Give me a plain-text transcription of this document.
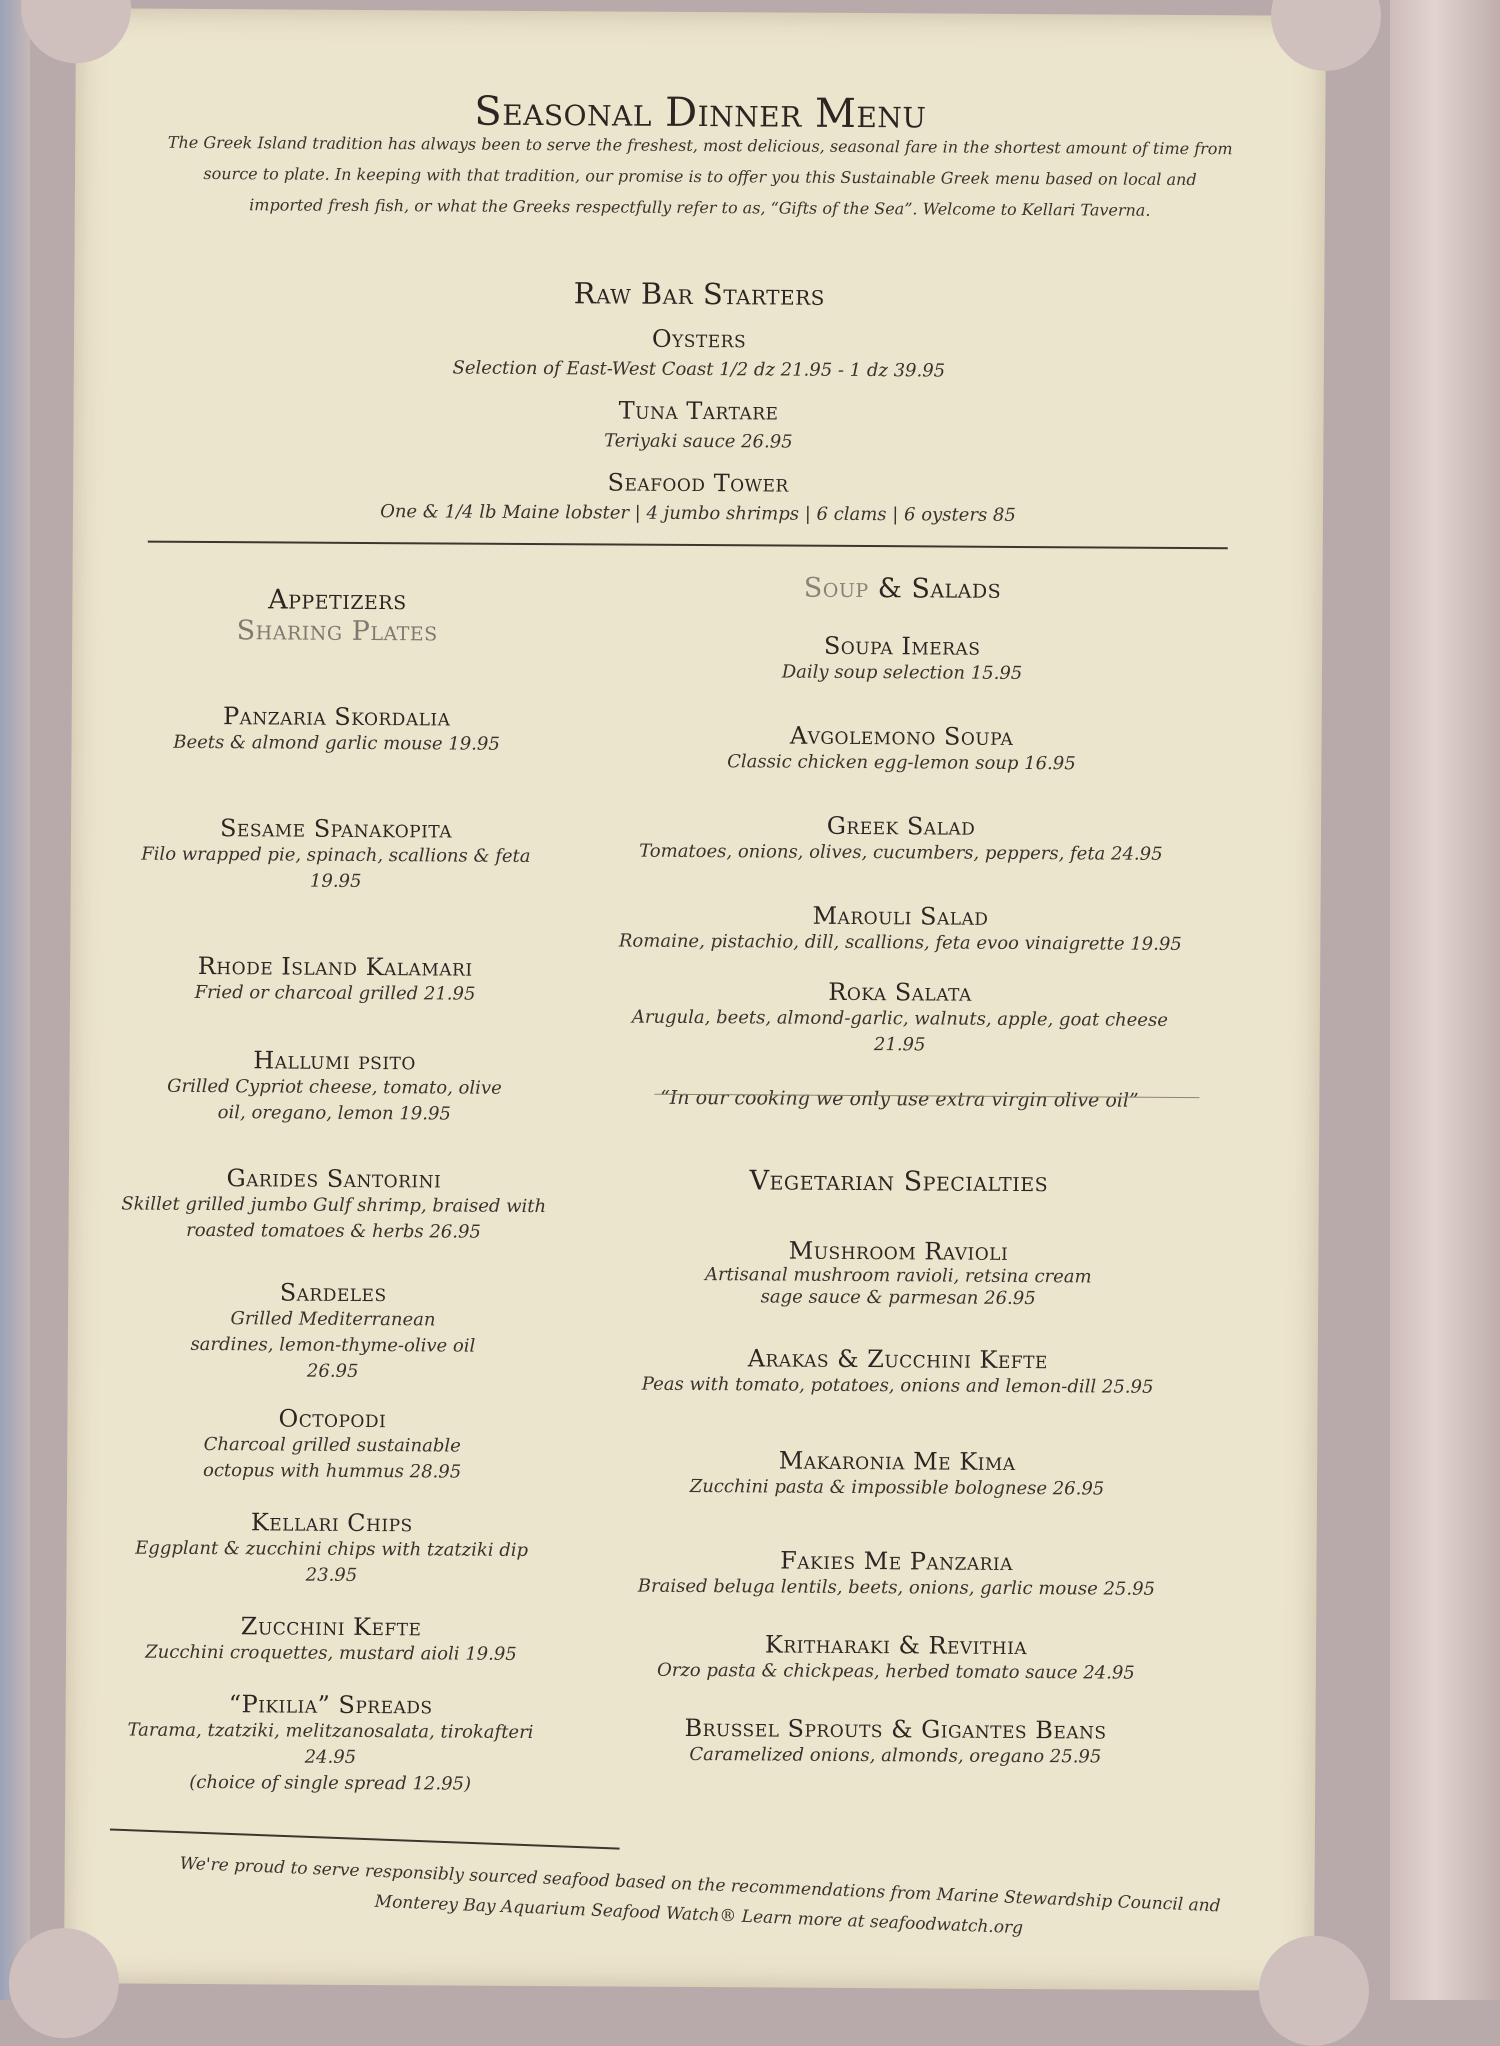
Seasonal Dinner Menu
The Greek Island tradition has always been to serve the freshest, most delicious, seasonal fare in the shortest amount of time from source to plate. In keeping with that tradition, our promise is to offer you this Sustainable Greek menu based on local and imported fresh fish, or what the Greeks respectfully refer to as, “Gifts of the Sea”. Welcome to Kellari Taverna.
Raw Bar Starters
Oysters
Selection of East-West Coast 1/2 dz 21.95 - 1 dz 39.95
Tuna Tartare
Teriyaki sauce 26.95
Seafood Tower
One & 1/4 lb Maine lobster | 4 jumbo shrimps | 6 clams | 6 oysters 85
Appetizers
Sharing Plates
Panzaria Skordalia
Beets & almond garlic mouse 19.95
Sesame Spanakopita
Filo wrapped pie, spinach, scallions & feta 19.95
Rhode Island Kalamari
Fried or charcoal grilled 21.95
Hallumi psito
Grilled Cypriot cheese, tomato, olive oil, oregano, lemon 19.95
Garides Santorini
Skillet grilled jumbo Gulf shrimp, braised with roasted tomatoes & herbs 26.95
Sardeles
Grilled Mediterranean sardines, lemon-thyme-olive oil 26.95
Octopodi
Charcoal grilled sustainable octopus with hummus 28.95
Kellari Chips
Eggplant & zucchini chips with tzatziki dip 23.95
Zucchini Kefte
Zucchini croquettes, mustard aioli 19.95
“Pikilia” Spreads
Tarama, tzatziki, melitzanosalata, tirokafteri 24.95
(choice of single spread 12.95)
Soup & Salads
Soupa Imeras
Daily soup selection 15.95
Avgolemono Soupa
Classic chicken egg-lemon soup 16.95
Greek Salad
Tomatoes, onions, olives, cucumbers, peppers, feta 24.95
Marouli Salad
Romaine, pistachio, dill, scallions, feta evoo vinaigrette 19.95
Roka Salata
Arugula, beets, almond-garlic, walnuts, apple, goat cheese 21.95
“In our cooking we only use extra virgin olive oil”
Vegetarian Specialties
Mushroom Ravioli
Artisanal mushroom ravioli, retsina cream sage sauce & parmesan 26.95
Arakas & Zucchini Kefte
Peas with tomato, potatoes, onions and lemon-dill 25.95
Makaronia Me Kima
Zucchini pasta & impossible bolognese 26.95
Fakies Me Panzaria
Braised beluga lentils, beets, onions, garlic mouse 25.95
Kritharaki & Revithia
Orzo pasta & chickpeas, herbed tomato sauce 24.95
Brussel Sprouts & Gigantes Beans
Caramelized onions, almonds, oregano 25.95
We're proud to serve responsibly sourced seafood based on the recommendations from Marine Stewardship Council and Monterey Bay Aquarium Seafood Watch® Learn more at seafoodwatch.org
